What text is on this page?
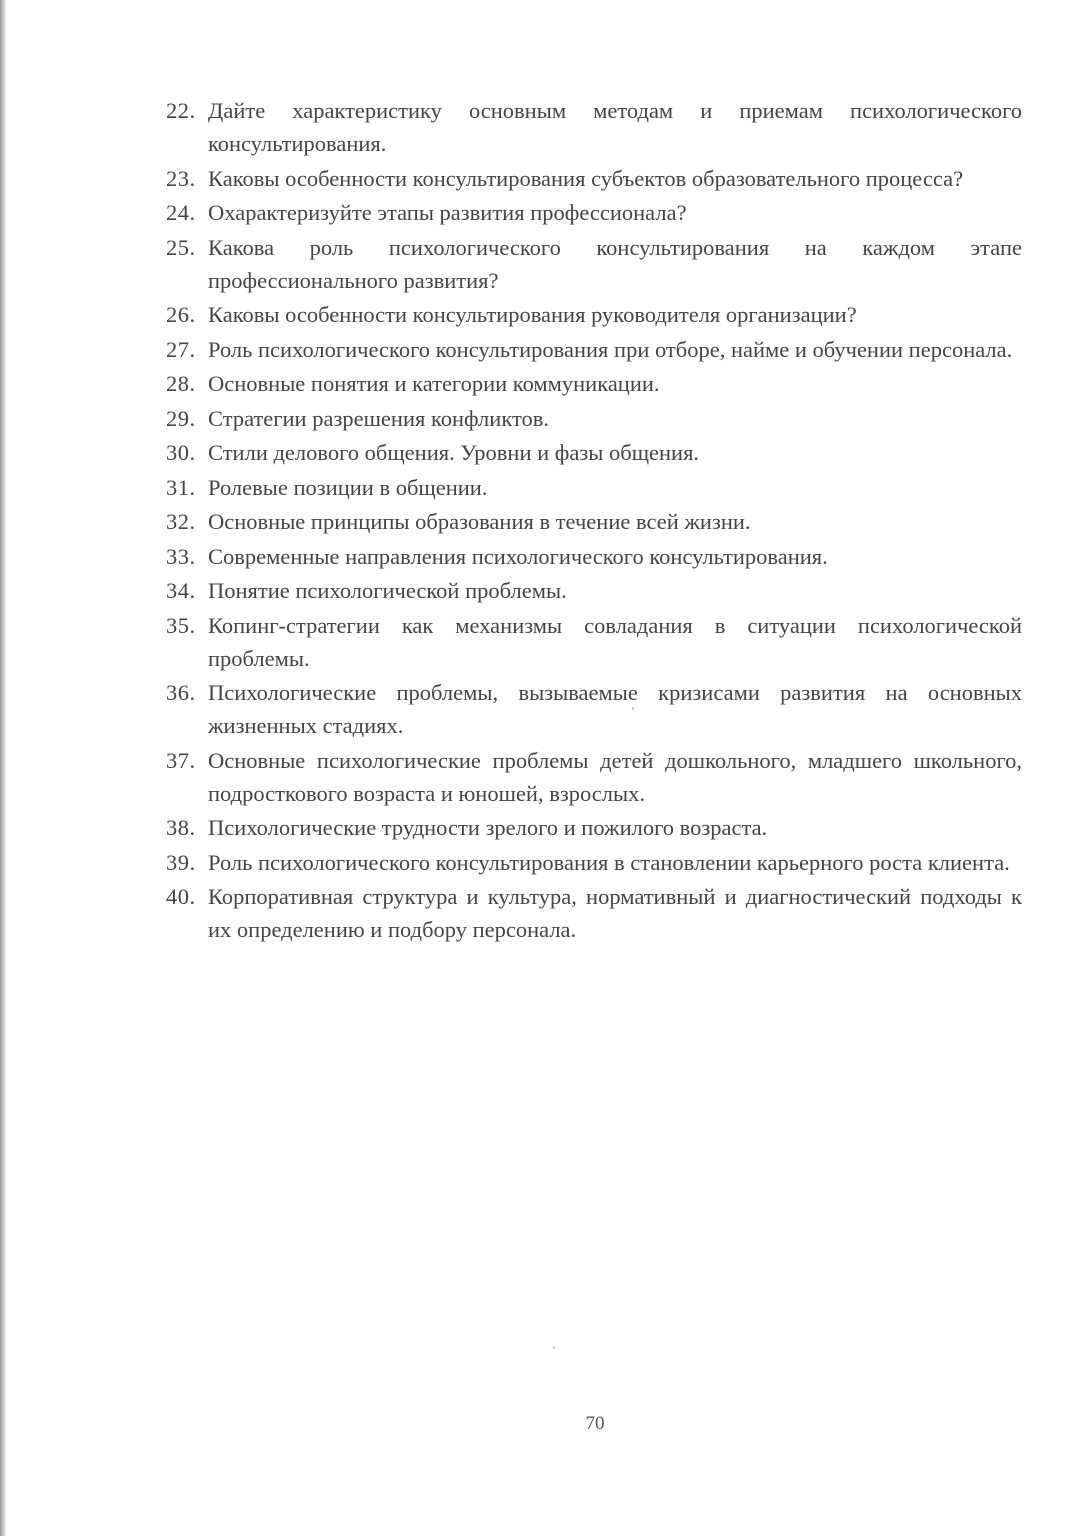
22. Дайте характеристику основным методам и приемам психологического консультирования.
23. Каковы особенности консультирования субъектов образовательного процесса?
24. Охарактеризуйте этапы развития профессионала?
25. Какова роль психологического консультирования на каждом этапе профессионального развития?
26. Каковы особенности консультирования руководителя организации?
27. Роль психологического консультирования при отборе, найме и обучении персонала.
28. Основные понятия и категории коммуникации.
29. Стратегии разрешения конфликтов.
30. Стили делового общения. Уровни и фазы общения.
31. Ролевые позиции в общении.
32. Основные принципы образования в течение всей жизни.
33. Современные направления психологического консультирования.
34. Понятие психологической проблемы.
35. Копинг-стратегии как механизмы совладания в ситуации психологической проблемы.
36. Психологические проблемы, вызываемые кризисами развития на основных жизненных стадиях.
37. Основные психологические проблемы детей дошкольного, младшего школьного, подросткового возраста и юношей, взрослых.
38. Психологические трудности зрелого и пожилого возраста.
39. Роль психологического консультирования в становлении карьерного роста клиента.
40. Корпоративная структура и культура, нормативный и диагностический подходы к их определению и подбору персонала.
70
